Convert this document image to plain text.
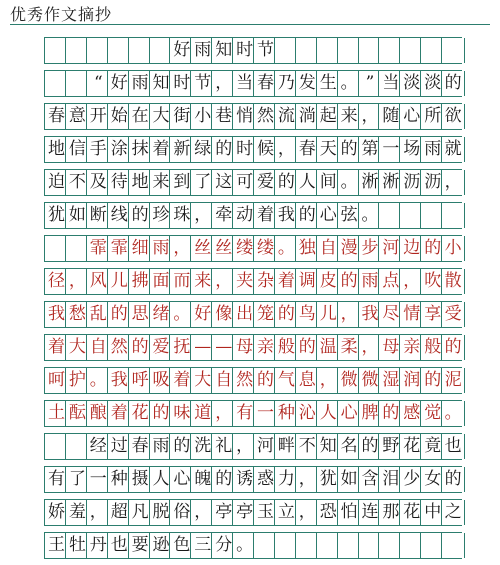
优秀作文摘抄
好 雨 知 时 节
“ 好 雨 知 时 节 ， 当 春 乃 发 生 。 ” 当 淡 淡 的
春 意 开 始 在 大 街 小 巷 悄 然 流 淌 起 来 ， 随 心 所 欲
地 信 手 涂 抹 着 新 绿 的 时 候 ， 春 天 的 第 一 场 雨 就
迫 不 及 待 地 来 到 了 这 可 爱 的 人 间 。 淅 淅 沥 沥 ，
犹 如 断 线 的 珍 珠 ， 牵 动 着 我 的 心 弦 。
霏 霏 细 雨 ， 丝 丝 缕 缕 。 独 自 漫 步 河 边 的 小
径 ， 风 儿 拂 面 而 来 ， 夹 杂 着 调 皮 的 雨 点 ， 吹 散
我 愁 乱 的 思 绪 。 好 像 出 笼 的 鸟 儿 ， 我 尽 情 享 受
着 大 自 然 的 爱 抚 — — 母 亲 般 的 温 柔 ， 母 亲 般 的
呵 护 。 我 呼 吸 着 大 自 然 的 气 息 ， 微 微 湿 润 的 泥
土 酝 酿 着 花 的 味 道 ， 有 一 种 沁 人 心 脾 的 感 觉 。
经 过 春 雨 的 洗 礼 ， 河 畔 不 知 名 的 野 花 竟 也
有 了 一 种 摄 人 心 魄 的 诱 惑 力 ， 犹 如 含 泪 少 女 的
娇 羞 ， 超 凡 脱 俗 ， 亭 亭 玉 立 ， 恐 怕 连 那 花 中 之
王 牡 丹 也 要 逊 色 三 分 。
